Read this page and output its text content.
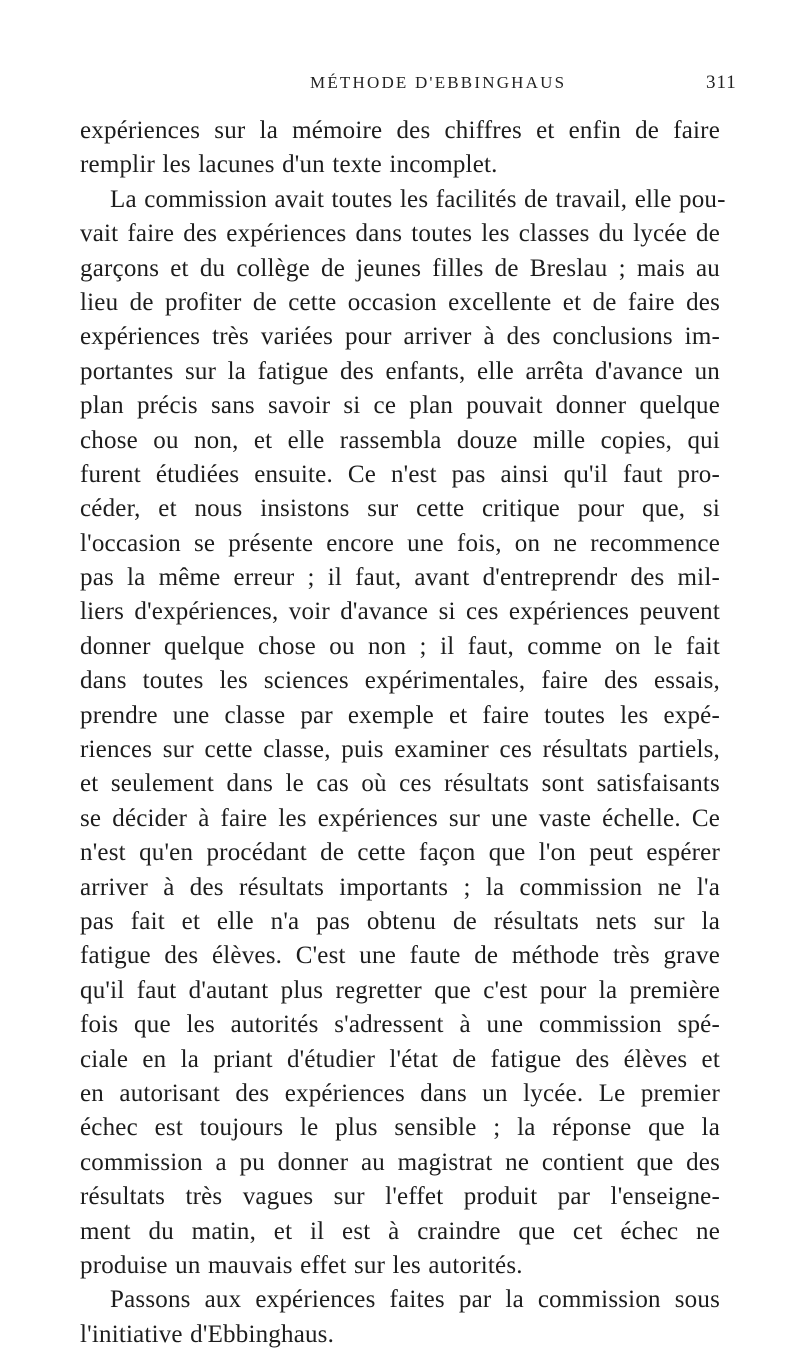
MÉTHODE D'EBBINGHAUS	311
expériences sur la mémoire des chiffres et enfin de faire
remplir les lacunes d'un texte incomplet.
La commission avait toutes les facilités de travail, elle pou-
vait faire des expériences dans toutes les classes du lycée de
garçons et du collège de jeunes filles de Breslau ; mais au
lieu de profiter de cette occasion excellente et de faire des
expériences très variées pour arriver à des conclusions im-
portantes sur la fatigue des enfants, elle arrêta d'avance un
plan précis sans savoir si ce plan pouvait donner quelque
chose ou non, et elle rassembla douze mille copies, qui
furent étudiées ensuite. Ce n'est pas ainsi qu'il faut pro-
céder, et nous insistons sur cette critique pour que, si
l'occasion se présente encore une fois, on ne recommence
pas la même erreur ; il faut, avant d'entreprendr des mil-
liers d'expériences, voir d'avance si ces expériences peuvent
donner quelque chose ou non ; il faut, comme on le fait
dans toutes les sciences expérimentales, faire des essais,
prendre une classe par exemple et faire toutes les expé-
riences sur cette classe, puis examiner ces résultats partiels,
et seulement dans le cas où ces résultats sont satisfaisants
se décider à faire les expériences sur une vaste échelle. Ce
n'est qu'en procédant de cette façon que l'on peut espérer
arriver à des résultats importants ; la commission ne l'a
pas fait et elle n'a pas obtenu de résultats nets sur la
fatigue des élèves. C'est une faute de méthode très grave
qu'il faut d'autant plus regretter que c'est pour la première
fois que les autorités s'adressent à une commission spé-
ciale en la priant d'étudier l'état de fatigue des élèves et
en autorisant des expériences dans un lycée. Le premier
échec est toujours le plus sensible ; la réponse que la
commission a pu donner au magistrat ne contient que des
résultats très vagues sur l'effet produit par l'enseigne-
ment du matin, et il est à craindre que cet échec ne
produise un mauvais effet sur les autorités.
Passons aux expériences faites par la commission sous
l'initiative d'Ebbinghaus.
